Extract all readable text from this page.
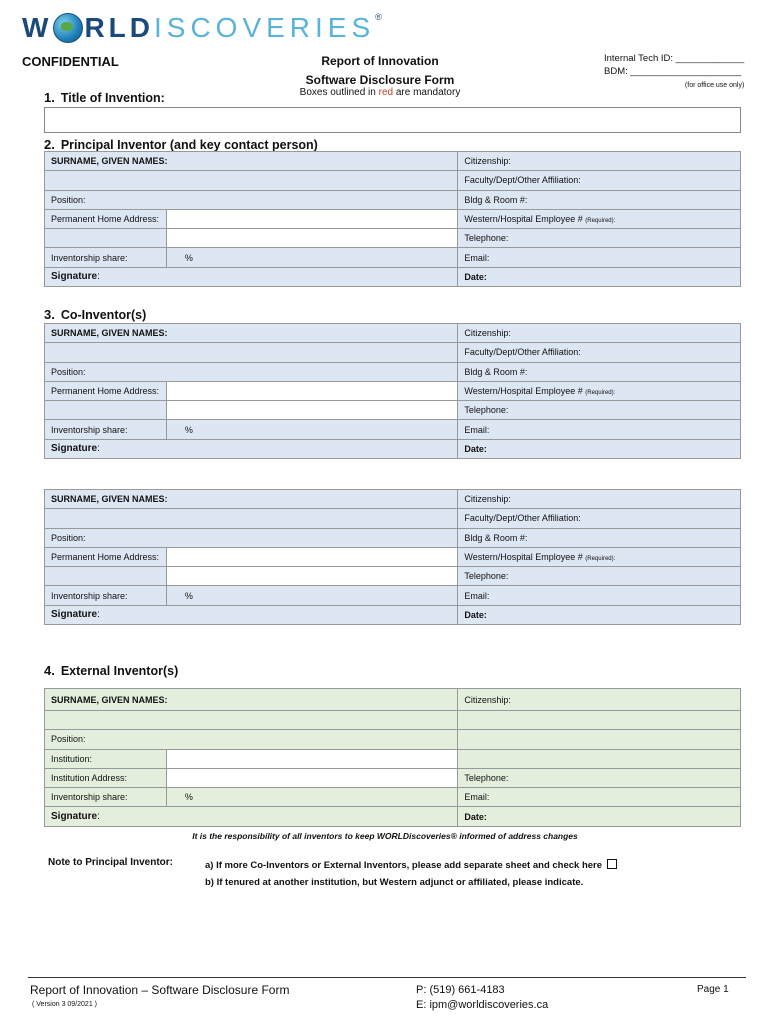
W RLD ISCOVERIES ®
CONFIDENTIAL	Report of Innovation
Software Disclosure Form
Boxes outlined in red are mandatory
Internal Tech ID: _____________
BDM: _____________________
(for office use only)
1. Title of Invention:
2. Principal Inventor (and key contact person)
SURNAME, GIVEN NAMES:		Citizenship:
		Faculty/Dept/Other Affiliation:
Position:		Bldg & Room #:
Permanent Home Address:		Western/Hospital Employee # (Required):
		Telephone:
Inventorship share:	%	Email:
Signature:		Date:
3. Co-Inventor(s)
SURNAME, GIVEN NAMES:		Citizenship:
		Faculty/Dept/Other Affiliation:
Position:		Bldg & Room #:
Permanent Home Address:		Western/Hospital Employee # (Required):
		Telephone:
Inventorship share:	%	Email:
Signature:		Date:
SURNAME, GIVEN NAMES:		Citizenship:
		Faculty/Dept/Other Affiliation:
Position:		Bldg & Room #:
Permanent Home Address:		Western/Hospital Employee # (Required):
		Telephone:
Inventorship share:	%	Email:
Signature:		Date:
4. External Inventor(s)
SURNAME, GIVEN NAMES:		Citizenship:

Position:		
Institution:		
Institution Address:		Telephone:
Inventorship share:	%	Email:
Signature:		Date:
It is the responsibility of all inventors to keep WORLDiscoveries® informed of address changes
Note to Principal Inventor:	a) If more Co-Inventors or External Inventors, please add separate sheet and check here
b) If tenured at another institution, but Western adjunct or affiliated, please indicate.
Report of Innovation – Software Disclosure Form
( Version 3 09/2021 )
P: (519) 661-4183
E: ipm@worldiscoveries.ca
Page 1
